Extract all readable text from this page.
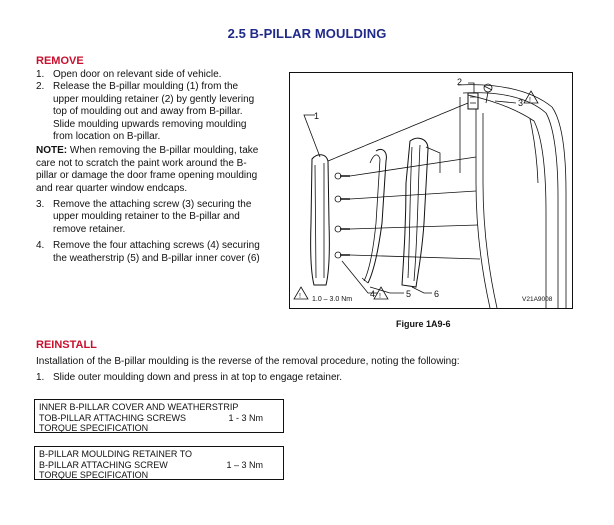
2.5 B-PILLAR MOULDING
REMOVE
1. Open door on relevant side of vehicle.
2. Release the B-pillar moulding (1) from the
upper moulding retainer (2) by gently levering
top of moulding out and away from B-pillar.
Slide moulding upwards removing moulding
from location on B-pillar.
NOTE: When removing the B-pillar moulding, take
care not to scratch the paint work around the B-
pillar or damage the door frame opening moulding
and rear quarter window endcaps.
3. Remove the attaching screw (3) securing the
upper moulding retainer to the B-pillar and
remove retainer.
4. Remove the four attaching screws (4) securing
the weatherstrip (5) and B-pillar inner cover (6)
1
2
3
4	5	6
!
!
! 1.0 – 3.0 Nm	V21A9008
Figure 1A9-6
REINSTALL
Installation of the B-pillar moulding is the reverse of the removal procedure, noting the following:
1. Slide outer moulding down and press in at top to engage retainer.
INNER B-PILLAR COVER AND WEATHERSTRIP
TOB-PILLAR ATTACHING SCREWS	1 - 3 Nm
TORQUE SPECIFICATION
B-PILLAR MOULDING RETAINER TO
B-PILLAR ATTACHING SCREW	1 – 3 Nm
TORQUE SPECIFICATION
